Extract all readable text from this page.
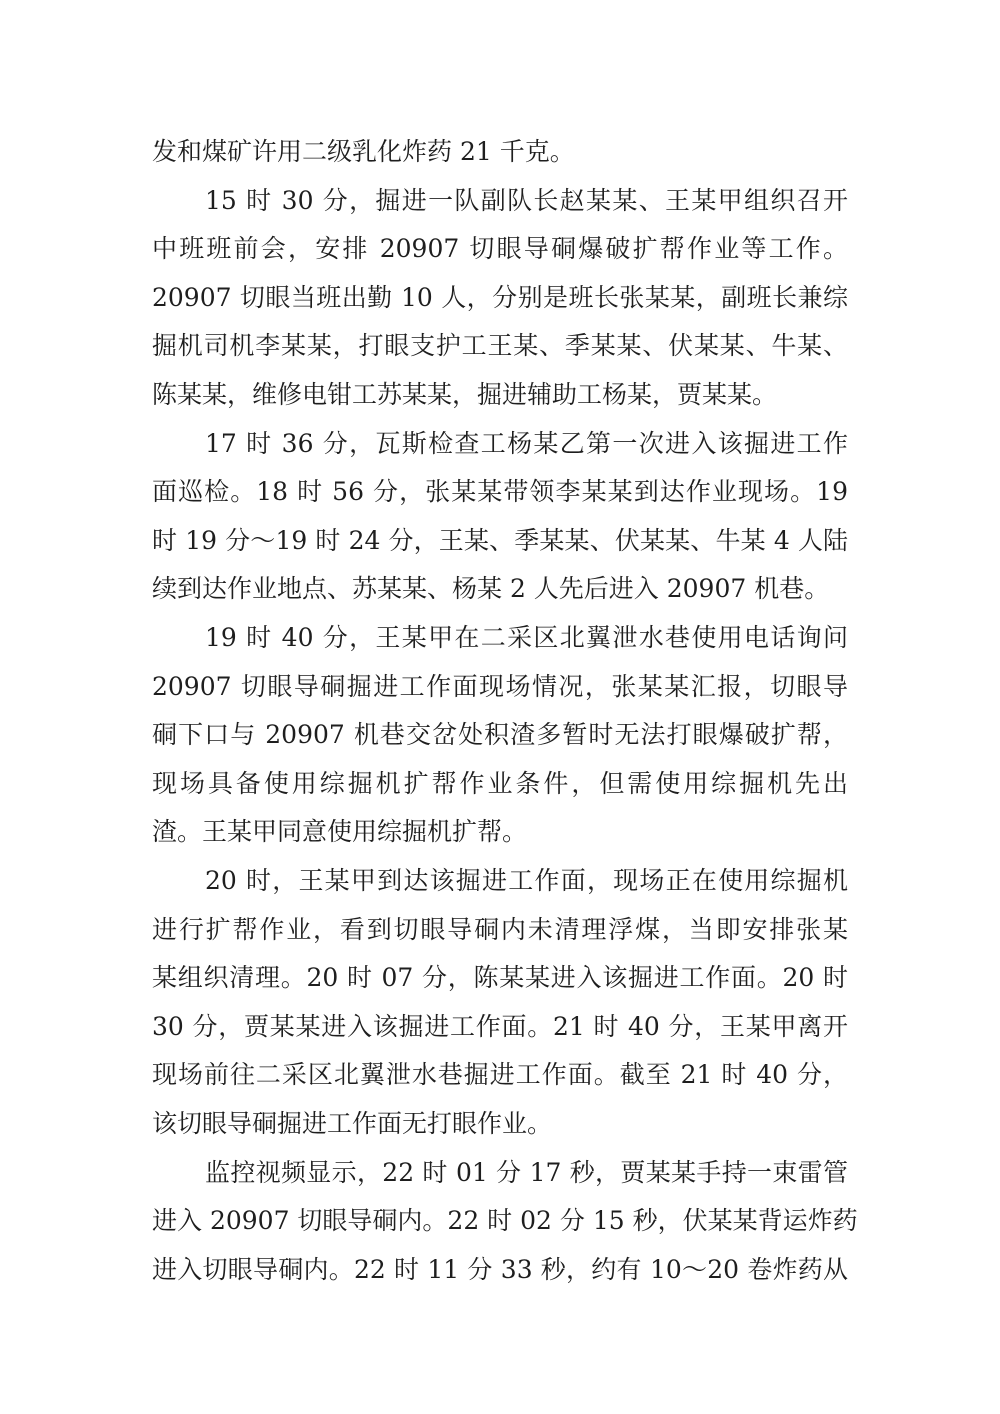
发和煤矿许用二级乳化炸药 21 千克。
15 时 30 分，掘进一队副队长赵某某、王某甲组织召开
中班班前会，安排 20907 切眼导硐爆破扩帮作业等工作。
20907 切眼当班出勤 10 人，分别是班长张某某，副班长兼综
掘机司机李某某，打眼支护工王某、季某某、伏某某、牛某、
陈某某，维修电钳工苏某某，掘进辅助工杨某，贾某某。
17 时 36 分，瓦斯检查工杨某乙第一次进入该掘进工作
面巡检。18 时 56 分，张某某带领李某某到达作业现场。19
时 19 分～19 时 24 分，王某、季某某、伏某某、牛某 4 人陆
续到达作业地点、苏某某、杨某 2 人先后进入 20907 机巷。
19 时 40 分，王某甲在二采区北翼泄水巷使用电话询问
20907 切眼导硐掘进工作面现场情况，张某某汇报，切眼导
硐下口与 20907 机巷交岔处积渣多暂时无法打眼爆破扩帮，
现场具备使用综掘机扩帮作业条件，但需使用综掘机先出
渣。王某甲同意使用综掘机扩帮。
20 时，王某甲到达该掘进工作面，现场正在使用综掘机
进行扩帮作业，看到切眼导硐内未清理浮煤，当即安排张某
某组织清理。20 时 07 分，陈某某进入该掘进工作面。20 时
30 分，贾某某进入该掘进工作面。21 时 40 分，王某甲离开
现场前往二采区北翼泄水巷掘进工作面。截至 21 时 40 分，
该切眼导硐掘进工作面无打眼作业。
监控视频显示，22 时 01 分 17 秒，贾某某手持一束雷管
进入 20907 切眼导硐内。22 时 02 分 15 秒，伏某某背运炸药
进入切眼导硐内。22 时 11 分 33 秒，约有 10～20 卷炸药从
